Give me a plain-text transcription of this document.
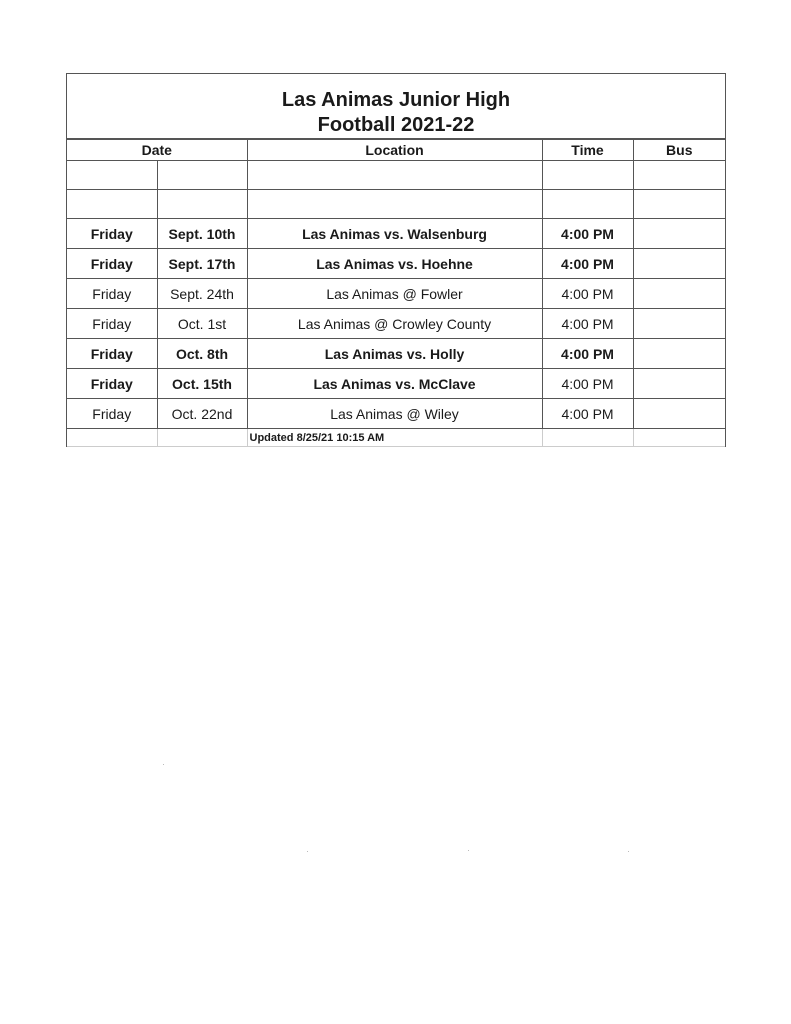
Las Animas Junior High
Football 2021-22
Date		Location	Time	Bus

Friday	Sept. 10th	Las Animas vs. Walsenburg	4:00 PM	
Friday	Sept. 17th	Las Animas vs. Hoehne	4:00 PM	
Friday	Sept. 24th	Las Animas @ Fowler	4:00 PM	
Friday	Oct. 1st	Las Animas @ Crowley County	4:00 PM	
Friday	Oct. 8th	Las Animas vs. Holly	4:00 PM	
Friday	Oct. 15th	Las Animas vs. McClave	4:00 PM	
Friday	Oct. 22nd	Las Animas @ Wiley	4:00 PM	
		Updated 8/25/21 10:15 AM		
